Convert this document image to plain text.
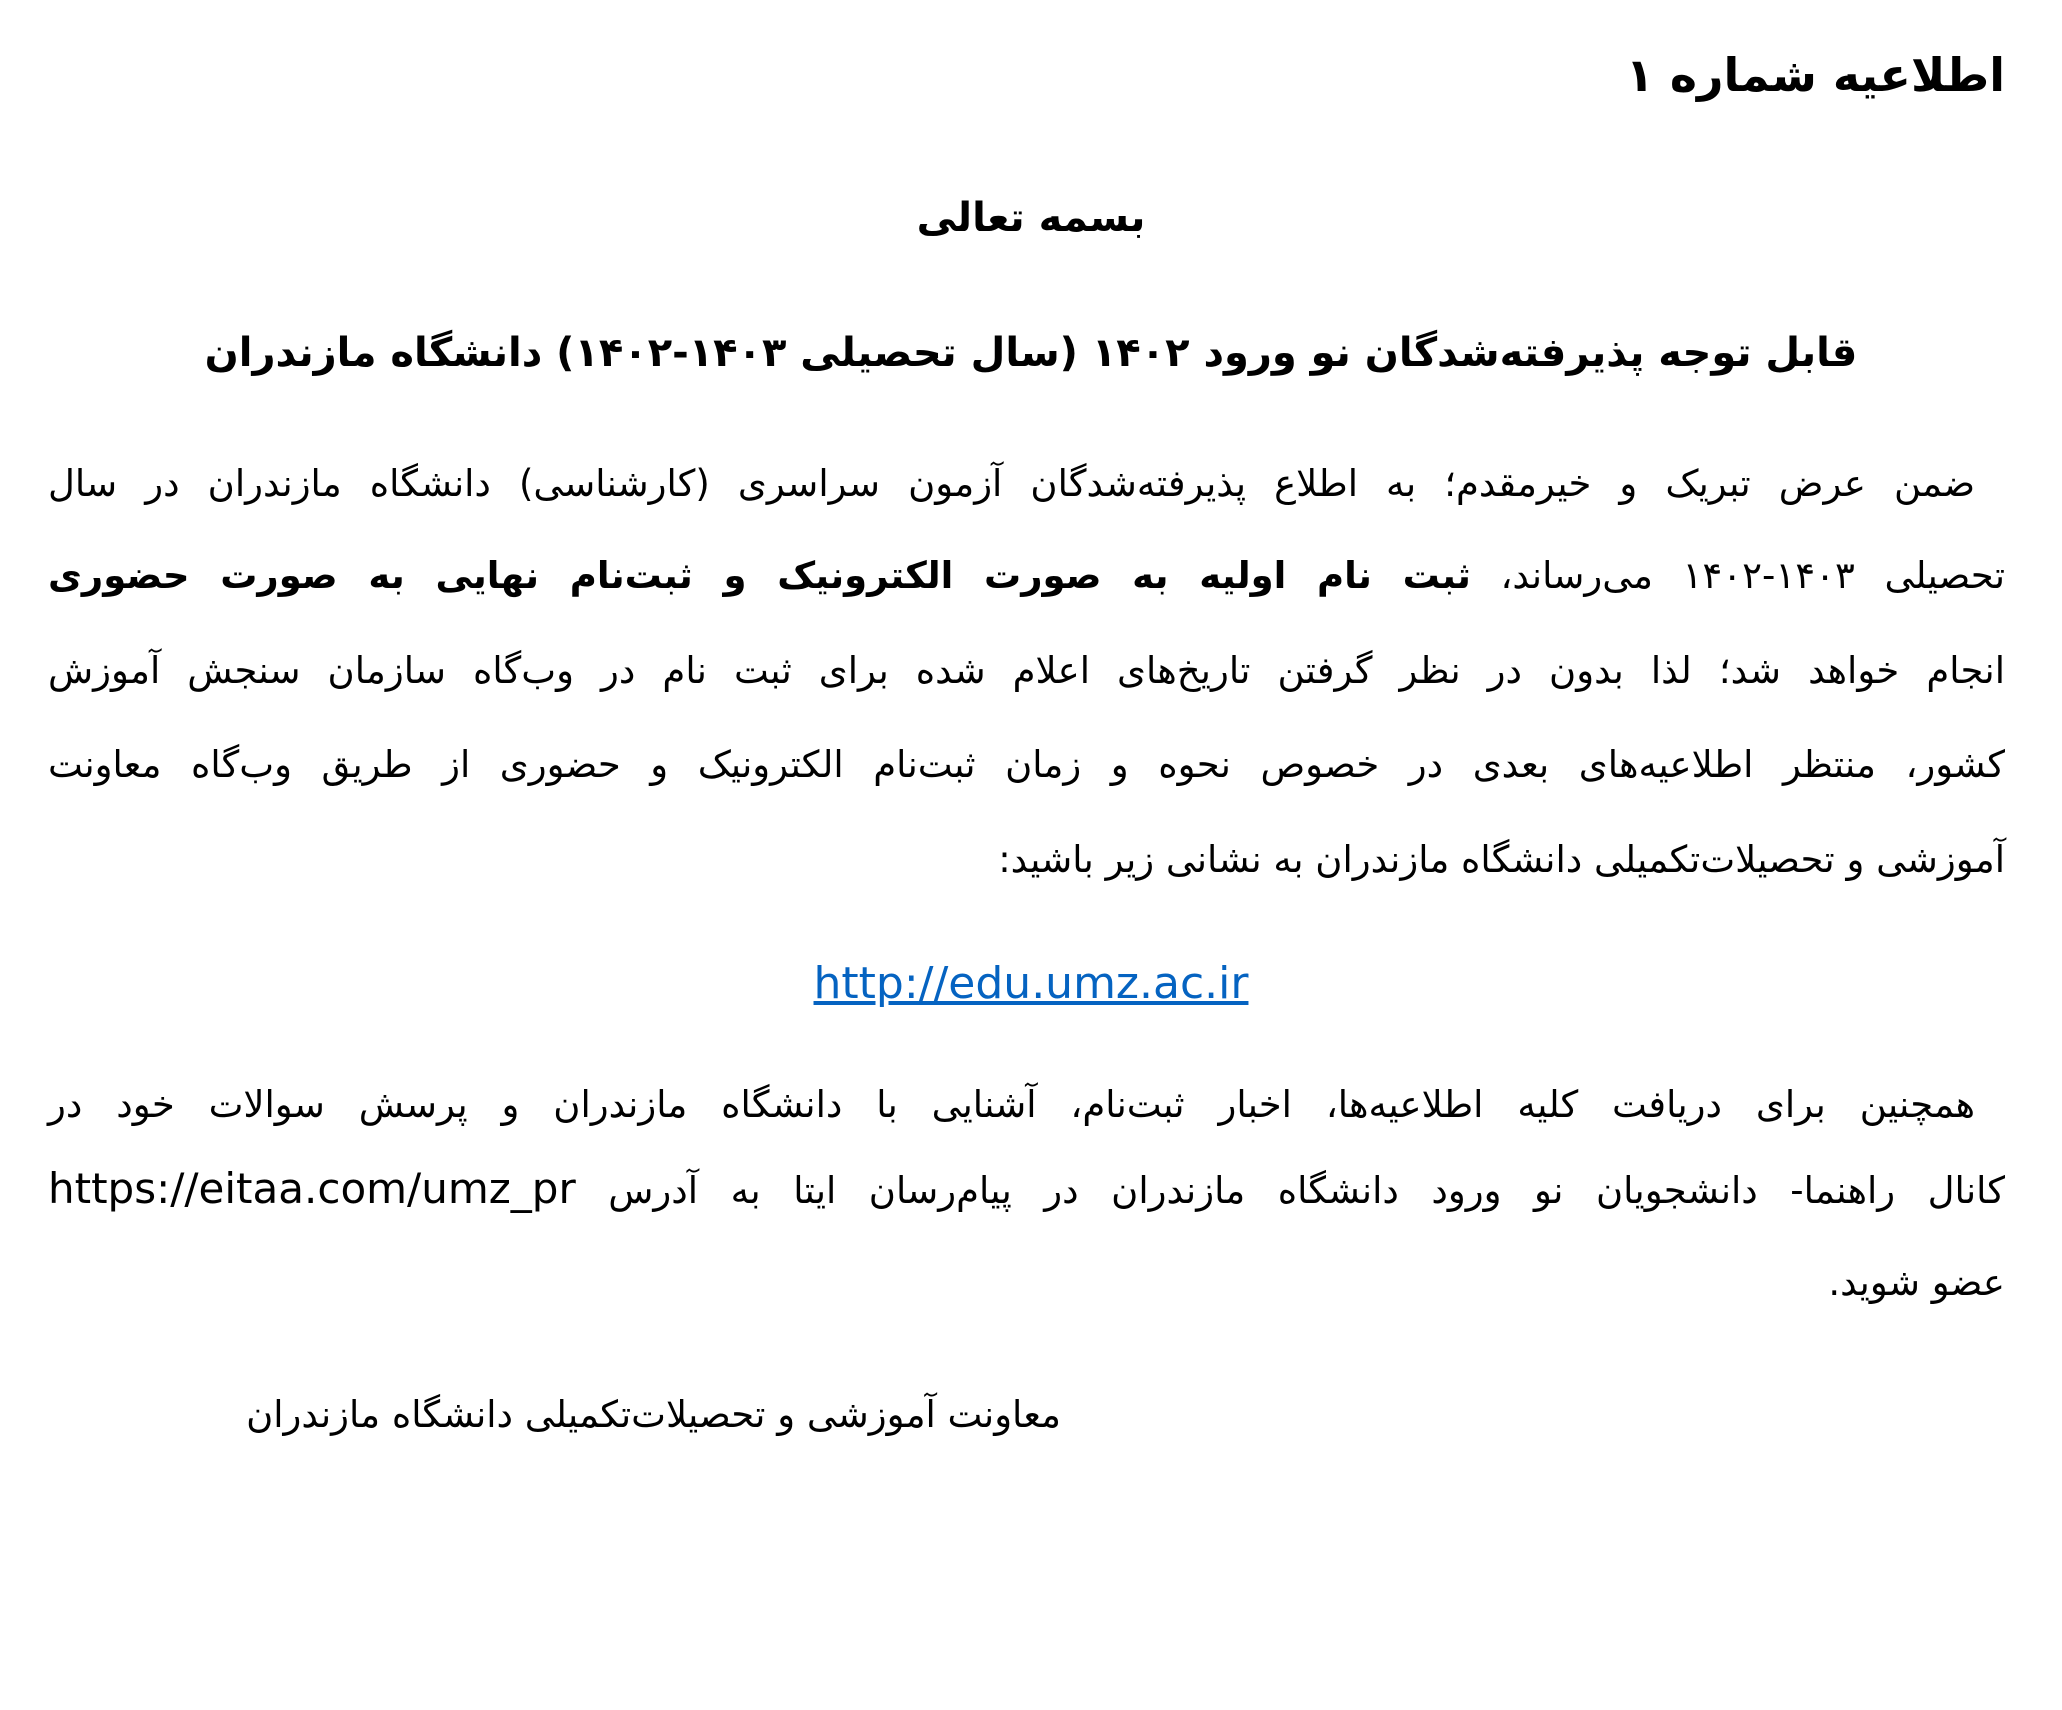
اطلاعیه شماره ۱
بسمه تعالی
قابل توجه پذیرفته‌شدگان نو ورود ۱۴۰۲ (سال تحصیلی ۱۴۰۳-۱۴۰۲) دانشگاه مازندران
ضمن عرض تبریک و خیرمقدم؛ به اطلاع پذیرفته‌شدگان آزمون سراسری (کارشناسی) دانشگاه مازندران در سال
تحصیلی ۱۴۰۳-۱۴۰۲ می‌رساند، ثبت نام اولیه به صورت الکترونیک و ثبت‌نام نهایی به صورت حضوری
انجام خواهد شد؛ لذا بدون در نظر گرفتن تاریخ‌های اعلام شده برای ثبت نام در وب‌گاه سازمان سنجش آموزش
کشور، منتظر اطلاعیه‌های بعدی در خصوص نحوه و زمان ثبت‌نام الکترونیک و حضوری از طریق وب‌گاه معاونت
آموزشی و تحصیلات‌تکمیلی دانشگاه مازندران به نشانی زیر باشید:
http://edu.umz.ac.ir
همچنین برای دریافت کلیه اطلاعیه‌ها، اخبار ثبت‌نام، آشنایی با دانشگاه مازندران و پرسش سوالات خود در
کانال راهنما- دانشجویان نو ورود دانشگاه مازندران در پیام‌رسان ایتا به آدرس https://eitaa.com/umz_pr
عضو شوید.
معاونت آموزشی و تحصیلات‌تکمیلی دانشگاه مازندران
